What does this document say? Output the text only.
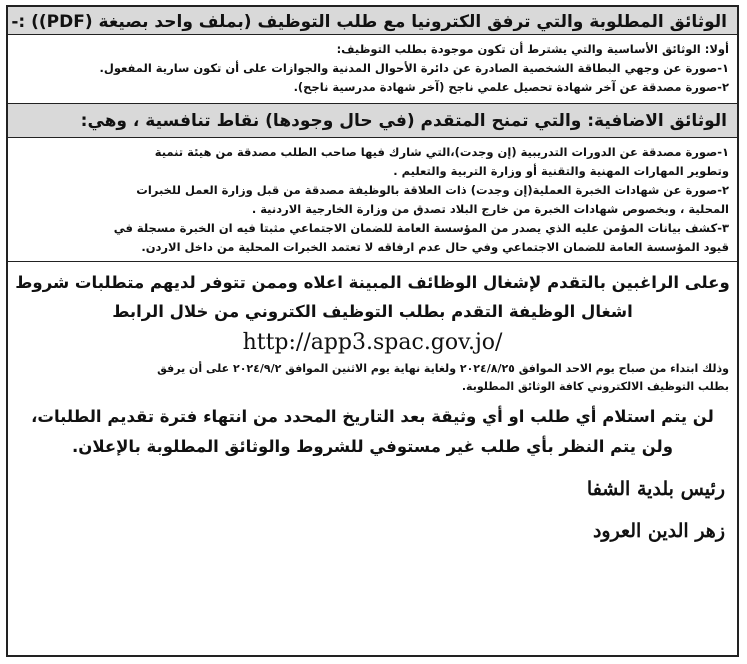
الوثائق المطلوبة والتي ترفق الكترونيا مع طلب التوظيف (بملف واحد بصيغة (PDF)) :-
أولا: الوثائق الأساسية والتي يشترط أن تكون موجودة بطلب التوظيف:
١-صورة عن وجهي البطاقة الشخصية الصادرة عن دائرة الأحوال المدنية والجوازات على أن تكون سارية المفعول.
٢-صورة مصدقة عن آخر شهادة تحصيل علمي ناجح (آخر شهادة مدرسية ناجح).
الوثائق الاضافية: والتي تمنح المتقدم (في حال وجودها) نقاط تنافسية ، وهي:
١-صورة مصدقة عن الدورات التدريبية (إن وجدت)،التي شارك فيها صاحب الطلب مصدقة من هيئة تنمية
وتطوير المهارات المهنية والتقنية أو وزارة التربية والتعليم .
٢-صورة عن شهادات الخبرة العملية(إن وجدت) ذات العلاقة بالوظيفة مصدقة من قبل وزارة العمل للخبرات
المحلية ، وبخصوص شهادات الخبرة من خارج البلاد تصدق من وزارة الخارجية الاردنية .
٣-كشف بيانات المؤمن عليه الذي يصدر من المؤسسة العامة للضمان الاجتماعي مثبتا فيه ان الخبرة مسجلة في
قيود المؤسسة العامة للضمان الاجتماعي وفي حال عدم ارفاقه لا تعتمد الخبرات المحلية من داخل الاردن.
وعلى الراغبين بالتقدم لإشغال الوظائف المبينة اعلاه وممن تتوفر لديهم متطلبات شروط
اشغال الوظيفة التقدم بطلب التوظيف الكتروني من خلال الرابط
http://app3.spac.gov.jo/
وذلك ابتداء من صباح يوم الاحد الموافق ٢٠٢٤/٨/٢٥ ولغاية نهاية يوم الاثنين الموافق ٢٠٢٤/٩/٢ على أن يرفق
بطلب التوظيف الالكتروني كافة الوثائق المطلوبة.
لن يتم استلام أي طلب او أي وثيقة بعد التاريخ المحدد من انتهاء فترة تقديم الطلبات،
ولن يتم النظر بأي طلب غير مستوفي للشروط والوثائق المطلوبة بالإعلان.
رئيس بلدية الشفا
زهر الدين العرود
